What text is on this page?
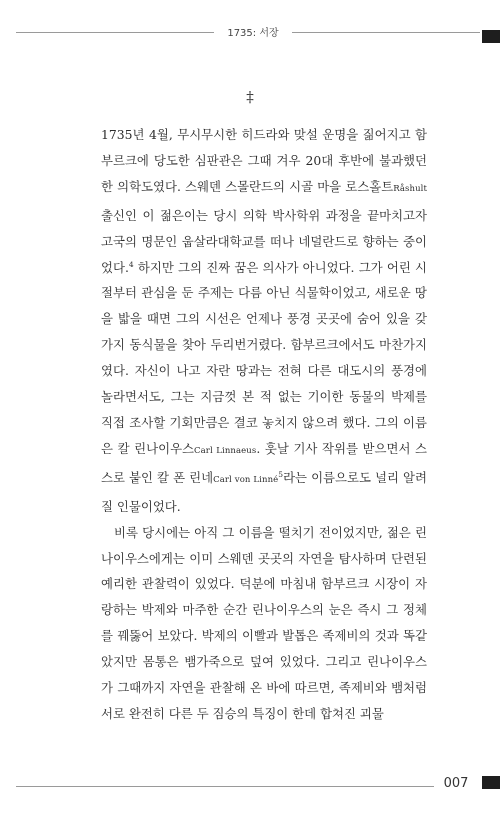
1735: 서장
‡

1735년 4월, 무시무시한 히드라와 맞설 운명을 짊어지고 함부르크에 당도한 심판관은 그때 겨우 20대 후반에 불과했던 한 의학도였다. 스웨덴 스몰란드의 시골 마을 로스홀트Råshult 출신인 이 젊은이는 당시 의학 박사학위 과정을 끝마치고자 고국의 명문인 웁살라대학교를 떠나 네덜란드로 향하는 중이었다.$^4$ 하지만 그의 진짜 꿈은 의사가 아니었다. 그가 어린 시절부터 관심을 둔 주제는 다름 아닌 식물학이었고, 새로운 땅을 밟을 때면 그의 시선은 언제나 풍경 곳곳에 숨어 있을 갖가지 동식물을 찾아 두리번거렸다. 함부르크에서도 마찬가지였다. 자신이 나고 자란 땅과는 전혀 다른 대도시의 풍경에 놀라면서도, 그는 지금껏 본 적 없는 기이한 동물의 박제를 직접 조사할 기회만큼은 결코 놓치지 않으려 했다. 그의 이름은 칼 린나이우스Carl Linnaeus. 훗날 기사 작위를 받으면서 스스로 붙인 칼 폰 린네Carl von Linné$^5$라는 이름으로도 널리 알려질 인물이었다.

비록 당시에는 아직 그 이름을 떨치기 전이었지만, 젊은 린나이우스에게는 이미 스웨덴 곳곳의 자연을 탐사하며 단련된 예리한 관찰력이 있었다. 덕분에 마침내 함부르크 시장이 자랑하는 박제와 마주한 순간 린나이우스의 눈은 즉시 그 정체를 꿰뚫어 보았다. 박제의 이빨과 발톱은 족제비의 것과 똑같았지만 몸통은 뱀가죽으로 덮여 있었다. 그리고 린나이우스가 그때까지 자연을 관찰해 온 바에 따르면, 족제비와 뱀처럼 서로 완전히 다른 두 짐승의 특징이 한데 합쳐진 괴물

007
